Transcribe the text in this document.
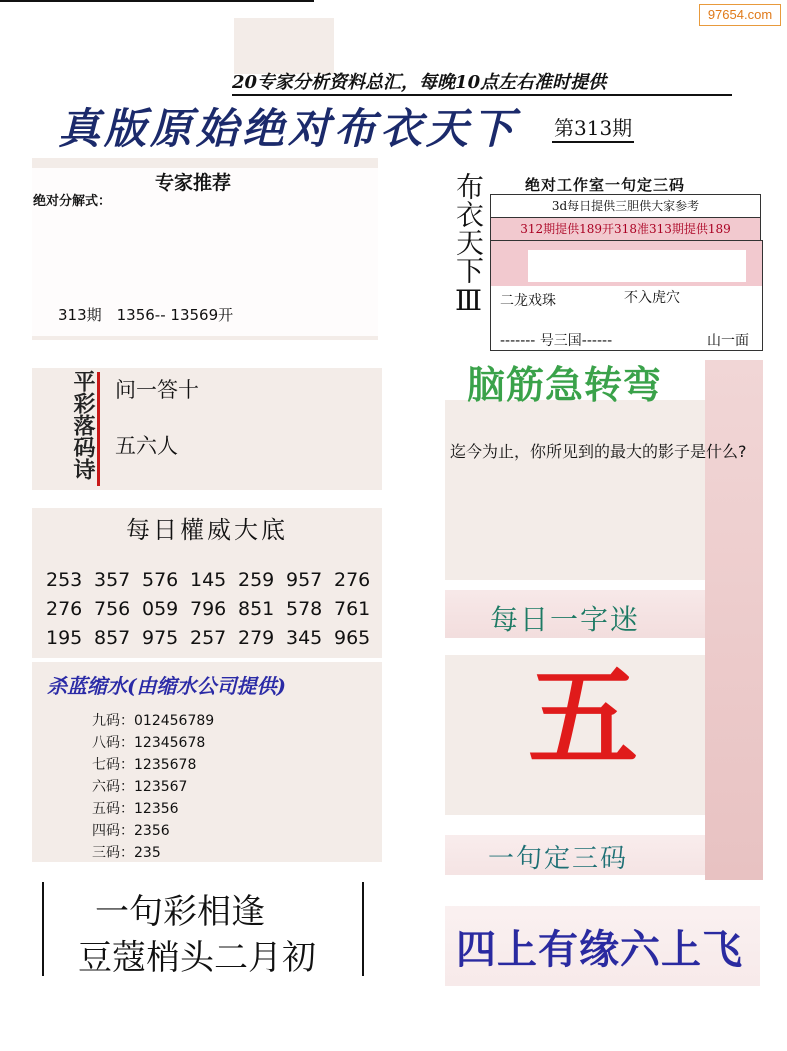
97654.com
20专家分析资料总汇，每晚10点左右准时提供
真版原始绝对布衣天下 第313期
专家推荐
绝对分解式：
313期　1356-- 13569开
平彩落码诗 问一答十
五六人
每日權威大底
253 357 576 145 259 957 276
276 756 059 796 851 578 761
195 857 975 257 279 345 965
杀蓝缩水(由缩水公司提供)
九码：012456789
八码：12345678
七码：1235678
六码：123567
五码：12356
四码：2356
三码：235
一句彩相逢
豆蔻梢头二月初
布衣天下Ⅲ	绝对工作室一句定三码
3d每日提供三胆供大家参考
312期提供189开318准313期提供189
二龙戏珠	不入虎穴
------- 号三国------	山一面
脑筋急转弯
迄今为止，你所见到的最大的影子是什么?
每日一字迷
五
一句定三码
四上有缘六上飞
